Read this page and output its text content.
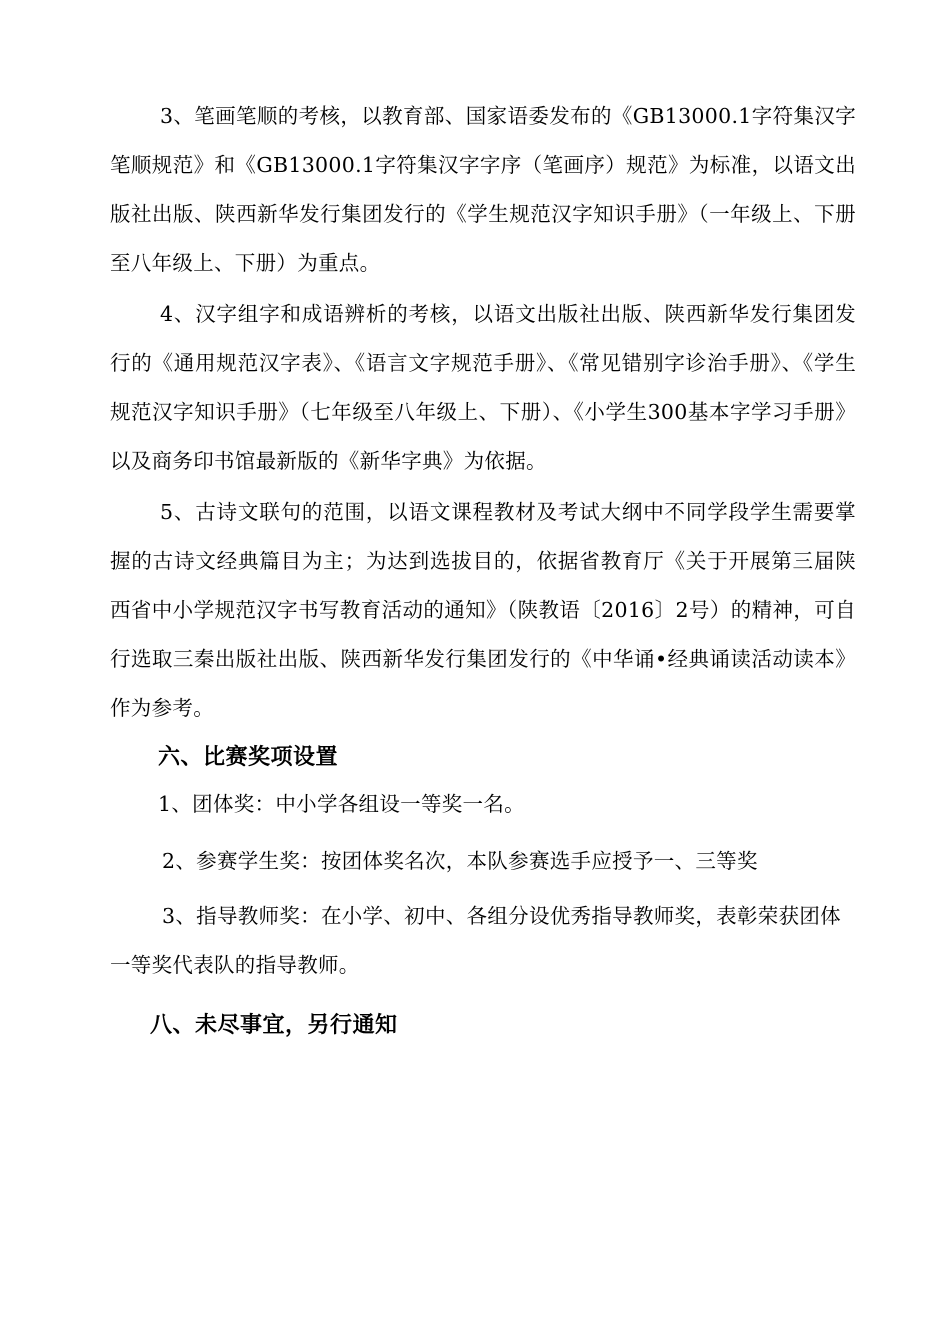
3、笔画笔顺的考核，以教育部、国家语委发布的《GB13000.1字符集汉字笔顺规范》和《GB13000.1字符集汉字字序（笔画序）规范》为标准，以语文出版社出版、陕西新华发行集团发行的《学生规范汉字知识手册》（一年级上、下册至八年级上、下册）为重点。

4、汉字组字和成语辨析的考核，以语文出版社出版、陕西新华发行集团发行的《通用规范汉字表》、《语言文字规范手册》、《常见错别字诊治手册》、《学生规范汉字知识手册》（七年级至八年级上、下册）、《小学生300基本字学习手册》以及商务印书馆最新版的《新华字典》为依据。

5、古诗文联句的范围，以语文课程教材及考试大纲中不同学段学生需要掌握的古诗文经典篇目为主；为达到选拔目的，依据省教育厅《关于开展第三届陕西省中小学规范汉字书写教育活动的通知》（陕教语〔2016〕2号）的精神，可自行选取三秦出版社出版、陕西新华发行集团发行的《中华诵•经典诵读活动读本》作为参考。

六、比赛奖项设置

1、团体奖：中小学各组设一等奖一名。

2、参赛学生奖：按团体奖名次，本队参赛选手应授予一、三等奖

3、指导教师奖：在小学、初中、各组分设优秀指导教师奖，表彰荣获团体一等奖代表队的指导教师。

八、未尽事宜，另行通知
